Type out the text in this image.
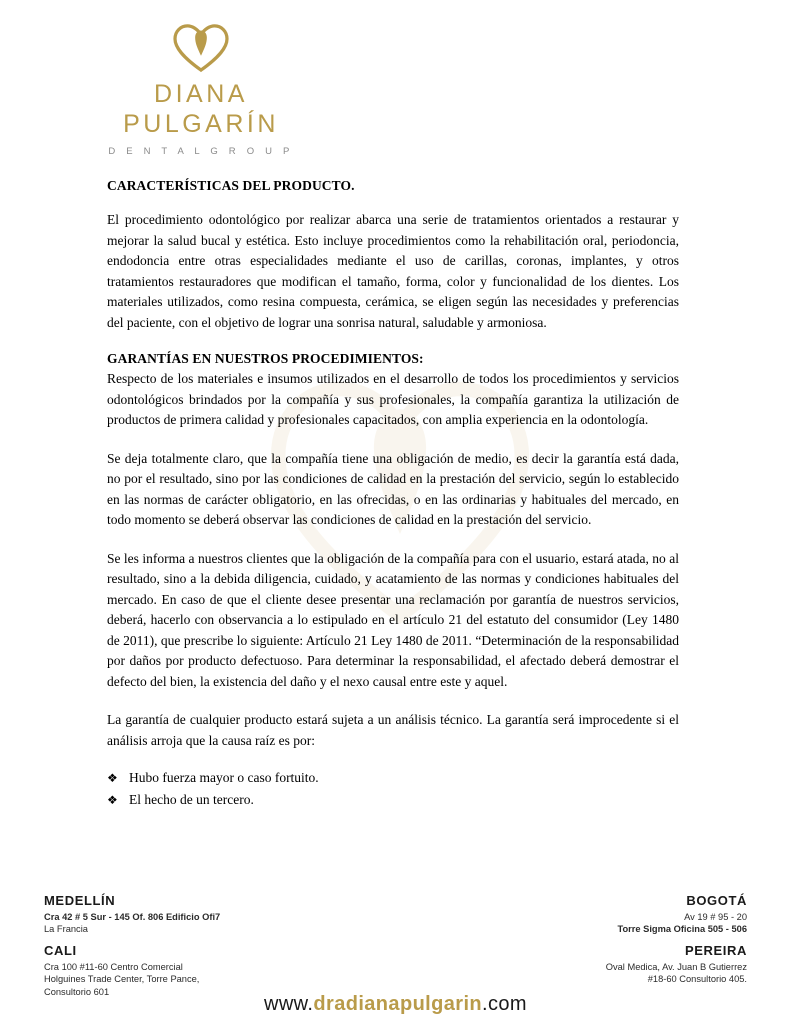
DIANA
PULGARÍN
D E N T A L G R O U P
CARACTERÍSTICAS DEL PRODUCTO.

El procedimiento odontológico por realizar abarca una serie de tratamientos orientados a restaurar y mejorar la salud bucal y estética. Esto incluye procedimientos como la rehabilitación oral, periodoncia, endodoncia entre otras especialidades mediante el uso de carillas, coronas, implantes, y otros tratamientos restauradores que modifican el tamaño, forma, color y funcionalidad de los dientes. Los materiales utilizados, como resina compuesta, cerámica, se eligen según las necesidades y preferencias del paciente, con el objetivo de lograr una sonrisa natural, saludable y armoniosa.

GARANTÍAS EN NUESTROS PROCEDIMIENTOS:

Respecto de los materiales e insumos utilizados en el desarrollo de todos los procedimientos y servicios odontológicos brindados por la compañía y sus profesionales, la compañía garantiza la utilización de productos de primera calidad y profesionales capacitados, con amplia experiencia en la odontología.

Se deja totalmente claro, que la compañía tiene una obligación de medio, es decir la garantía está dada, no por el resultado, sino por las condiciones de calidad en la prestación del servicio, según lo establecido en las normas de carácter obligatorio, en las ofrecidas, o en las ordinarias y habituales del mercado, en todo momento se deberá observar las condiciones de calidad en la prestación del servicio.

Se les informa a nuestros clientes que la obligación de la compañía para con el usuario, estará atada, no al resultado, sino a la debida diligencia, cuidado, y acatamiento de las normas y condiciones habituales del mercado. En caso de que el cliente desee presentar una reclamación por garantía de nuestros servicios, deberá, hacerlo con observancia a lo estipulado en el artículo 21 del estatuto del consumidor (Ley 1480 de 2011), que prescribe lo siguiente: Artículo 21 Ley 1480 de 2011. “Determinación de la responsabilidad por daños por producto defectuoso. Para determinar la responsabilidad, el afectado deberá demostrar el defecto del bien, la existencia del daño y el nexo causal entre este y aquel.

La garantía de cualquier producto estará sujeta a un análisis técnico. La garantía será improcedente si el análisis arroja que la causa raíz es por:

❖ Hubo fuerza mayor o caso fortuito.
❖ El hecho de un tercero.
MEDELLÍN
Cra 42 # 5 Sur - 145 Of. 806 Edificio Ofi7
La Francia
BOGOTÁ
Av 19 # 95 - 20
Torre Sigma Oficina 505 - 506
CALI
Cra 100 #11-60 Centro Comercial
Holguines Trade Center, Torre Pance,
Consultorio 601
PEREIRA
Oval Medica, Av. Juan B Gutierrez
#18-60 Consultorio 405.
www.dradianapulgarin.com
